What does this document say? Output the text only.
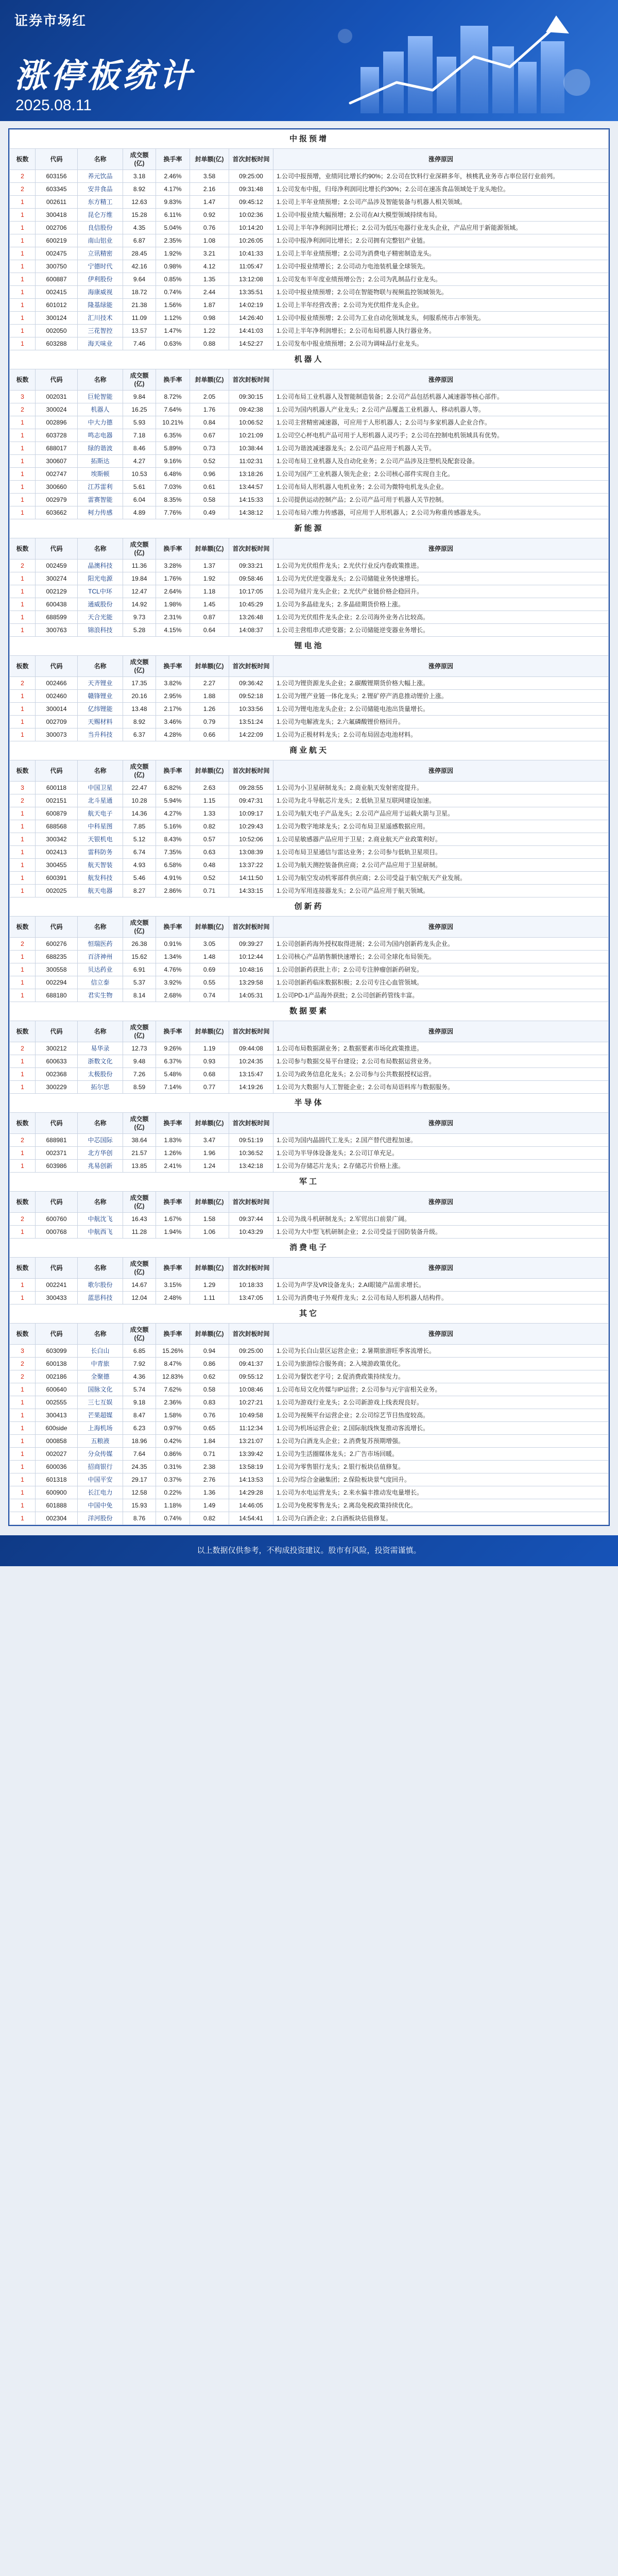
证券市场红
涨停板统计
2025.08.11
中报预增							
板数	代码	名称	成交额(亿)	换手率	封单额(亿)	首次封板时间	涨停原因
2	603156	养元饮品	3.18	2.46%	3.58	09:25:00	1.公司中报预增，业绩同比增长约90%；2.公司在饮料行业深耕多年，核桃乳业务市占率位居行业前列。
2	603345	安井食品	8.92	4.17%	2.16	09:31:48	1.公司发布中报，归母净利润同比增长约30%；2.公司在速冻食品领域处于龙头地位。
1	002611	东方精工	12.63	9.83%	1.47	09:45:12	1.公司上半年业绩预增；2.公司产品涉及智能装备与机器人相关领域。
1	300418	昆仑万维	15.28	6.11%	0.92	10:02:36	1.公司中报业绩大幅预增；2.公司在AI大模型领域持续布局。
1	002706	良信股份	4.35	5.04%	0.76	10:14:20	1.公司上半年净利润同比增长；2.公司为低压电器行业龙头企业，产品应用于新能源领域。
1	600219	南山铝业	6.87	2.35%	1.08	10:26:05	1.公司中报净利润同比增长；2.公司拥有完整铝产业链。
1	002475	立讯精密	28.45	1.92%	3.21	10:41:33	1.公司上半年业绩预增；2.公司为消费电子精密制造龙头。
1	300750	宁德时代	42.16	0.98%	4.12	11:05:47	1.公司中报业绩增长；2.公司动力电池装机量全球领先。
1	600887	伊利股份	9.64	0.85%	1.35	13:12:08	1.公司发布半年度业绩预增公告；2.公司为乳制品行业龙头。
1	002415	海康威视	18.72	0.74%	2.44	13:35:51	1.公司中报业绩预增；2.公司在智能物联与视频监控领域领先。
1	601012	隆基绿能	21.38	1.56%	1.87	14:02:19	1.公司上半年经营改善；2.公司为光伏组件龙头企业。
1	300124	汇川技术	11.09	1.12%	0.98	14:26:40	1.公司中报业绩预增；2.公司为工业自动化领域龙头，伺服系统市占率领先。
1	002050	三花智控	13.57	1.47%	1.22	14:41:03	1.公司上半年净利润增长；2.公司布局机器人执行器业务。
1	603288	海天味业	7.46	0.63%	0.88	14:52:27	1.公司发布中报业绩预增；2.公司为调味品行业龙头。
机器人							
板数	代码	名称	成交额(亿)	换手率	封单额(亿)	首次封板时间	涨停原因
3	002031	巨轮智能	9.84	8.72%	2.05	09:30:15	1.公司布局工业机器人及智能制造装备；2.公司产品包括机器人减速器等核心部件。
2	300024	机器人	16.25	7.64%	1.76	09:42:38	1.公司为国内机器人产业龙头；2.公司产品覆盖工业机器人、移动机器人等。
1	002896	中大力德	5.93	10.21%	0.84	10:06:52	1.公司主营精密减速器，可应用于人形机器人；2.公司与多家机器人企业合作。
1	603728	鸣志电器	7.18	6.35%	0.67	10:21:09	1.公司空心杯电机产品可用于人形机器人灵巧手；2.公司在控制电机领域具有优势。
1	688017	绿的谐波	8.46	5.89%	0.73	10:38:44	1.公司为谐波减速器龙头；2.公司产品应用于机器人关节。
1	300607	拓斯达	4.27	9.16%	0.52	11:02:31	1.公司布局工业机器人及自动化业务；2.公司产品涉及注塑机及配套设备。
1	002747	埃斯顿	10.53	6.48%	0.96	13:18:26	1.公司为国产工业机器人领先企业；2.公司核心部件实现自主化。
1	300660	江苏雷利	5.61	7.03%	0.61	13:44:57	1.公司布局人形机器人电机业务；2.公司为微特电机龙头企业。
1	002979	雷赛智能	6.04	8.35%	0.58	14:15:33	1.公司提供运动控制产品；2.公司产品可用于机器人关节控制。
1	603662	柯力传感	4.89	7.76%	0.49	14:38:12	1.公司布局六维力传感器，可应用于人形机器人；2.公司为称重传感器龙头。
新能源							
板数	代码	名称	成交额(亿)	换手率	封单额(亿)	首次封板时间	涨停原因
2	002459	晶澳科技	11.36	3.28%	1.37	09:33:21	1.公司为光伏组件龙头；2.光伏行业反内卷政策推进。
1	300274	阳光电源	19.84	1.76%	1.92	09:58:46	1.公司为光伏逆变器龙头；2.公司储能业务快速增长。
1	002129	TCL中环	12.47	2.64%	1.18	10:17:05	1.公司为硅片龙头企业；2.光伏产业链价格企稳回升。
1	600438	通威股份	14.92	1.98%	1.45	10:45:29	1.公司为多晶硅龙头；2.多晶硅期货价格上涨。
1	688599	天合光能	9.73	2.31%	0.87	13:26:48	1.公司为光伏组件龙头企业；2.公司海外业务占比较高。
1	300763	锦浪科技	5.28	4.15%	0.64	14:08:37	1.公司主营组串式逆变器；2.公司储能逆变器业务增长。
锂电池							
板数	代码	名称	成交额(亿)	换手率	封单额(亿)	首次封板时间	涨停原因
2	002466	天齐锂业	17.35	3.82%	2.27	09:36:42	1.公司为锂资源龙头企业；2.碳酸锂期货价格大幅上涨。
1	002460	赣锋锂业	20.16	2.95%	1.88	09:52:18	1.公司为锂产业链一体化龙头；2.锂矿停产消息推动锂价上涨。
1	300014	亿纬锂能	13.48	2.17%	1.26	10:33:56	1.公司为锂电池龙头企业；2.公司储能电池出货量增长。
1	002709	天赐材料	8.92	3.46%	0.79	13:51:24	1.公司为电解液龙头；2.六氟磷酸锂价格回升。
1	300073	当升科技	6.37	4.28%	0.66	14:22:09	1.公司为正极材料龙头；2.公司布局固态电池材料。
商业航天							
板数	代码	名称	成交额(亿)	换手率	封单额(亿)	首次封板时间	涨停原因
3	600118	中国卫星	22.47	6.82%	2.63	09:28:55	1.公司为小卫星研制龙头；2.商业航天发射密度提升。
2	002151	北斗星通	10.28	5.94%	1.15	09:47:31	1.公司为北斗导航芯片龙头；2.低轨卫星互联网建设加速。
1	600879	航天电子	14.36	4.27%	1.33	10:09:17	1.公司为航天电子产品龙头；2.公司产品应用于运载火箭与卫星。
1	688568	中科星图	7.85	5.16%	0.82	10:29:43	1.公司为数字地球龙头；2.公司布局卫星遥感数据应用。
1	300342	天银机电	5.12	8.43%	0.57	10:52:06	1.公司星敏感器产品应用于卫星；2.商业航天产业政策利好。
1	002413	雷科防务	6.74	7.35%	0.63	13:08:39	1.公司布局卫星通信与雷达业务；2.公司参与低轨卫星项目。
1	300455	航天智装	4.93	6.58%	0.48	13:37:22	1.公司为航天测控装备供应商；2.公司产品应用于卫星研制。
1	600391	航发科技	5.46	4.91%	0.52	14:11:50	1.公司为航空发动机零部件供应商；2.公司受益于航空航天产业发展。
1	002025	航天电器	8.27	2.86%	0.71	14:33:15	1.公司为军用连接器龙头；2.公司产品应用于航天领域。
创新药							
板数	代码	名称	成交额(亿)	换手率	封单额(亿)	首次封板时间	涨停原因
2	600276	恒瑞医药	26.38	0.91%	3.05	09:39:27	1.公司创新药海外授权取得进展；2.公司为国内创新药龙头企业。
1	688235	百济神州	15.62	1.34%	1.48	10:12:44	1.公司核心产品销售额快速增长；2.公司全球化布局领先。
1	300558	贝达药业	6.91	4.76%	0.69	10:48:16	1.公司创新药获批上市；2.公司专注肿瘤创新药研发。
1	002294	信立泰	5.37	3.92%	0.55	13:29:58	1.公司创新药临床数据积极；2.公司专注心血管领域。
1	688180	君实生物	8.14	2.68%	0.74	14:05:31	1.公司PD-1产品海外获批；2.公司创新药管线丰富。
数据要素							
板数	代码	名称	成交额(亿)	换手率	封单额(亿)	首次封板时间	涨停原因
2	300212	易华录	12.73	9.26%	1.19	09:44:08	1.公司布局数据湖业务；2.数据要素市场化政策推进。
1	600633	浙数文化	9.48	6.37%	0.93	10:24:35	1.公司参与数据交易平台建设；2.公司布局数据运营业务。
1	002368	太极股份	7.26	5.48%	0.68	13:15:47	1.公司为政务信息化龙头；2.公司参与公共数据授权运营。
1	300229	拓尔思	8.59	7.14%	0.77	14:19:26	1.公司为大数据与人工智能企业；2.公司布局语料库与数据服务。
半导体							
板数	代码	名称	成交额(亿)	换手率	封单额(亿)	首次封板时间	涨停原因
2	688981	中芯国际	38.64	1.83%	3.47	09:51:19	1.公司为国内晶圆代工龙头；2.国产替代进程加速。
1	002371	北方华创	21.57	1.26%	1.96	10:36:52	1.公司为半导体设备龙头；2.公司订单充足。
1	603986	兆易创新	13.85	2.41%	1.24	13:42:18	1.公司为存储芯片龙头；2.存储芯片价格上涨。
军工							
板数	代码	名称	成交额(亿)	换手率	封单额(亿)	首次封板时间	涨停原因
2	600760	中航沈飞	16.43	1.67%	1.58	09:37:44	1.公司为战斗机研制龙头；2.军贸出口前景广阔。
1	000768	中航西飞	11.28	1.94%	1.06	10:43:29	1.公司为大中型飞机研制企业；2.公司受益于国防装备升级。
消费电子							
板数	代码	名称	成交额(亿)	换手率	封单额(亿)	首次封板时间	涨停原因
1	002241	歌尔股份	14.67	3.15%	1.29	10:18:33	1.公司为声学及VR设备龙头；2.AI眼镜产品需求增长。
1	300433	蓝思科技	12.04	2.48%	1.11	13:47:05	1.公司为消费电子外观件龙头；2.公司布局人形机器人结构件。
其它							
板数	代码	名称	成交额(亿)	换手率	封单额(亿)	首次封板时间	涨停原因
3	603099	长白山	6.85	15.26%	0.94	09:25:00	1.公司为长白山景区运营企业；2.暑期旅游旺季客流增长。
2	600138	中青旅	7.92	8.47%	0.86	09:41:37	1.公司为旅游综合服务商；2.入境游政策优化。
2	002186	全聚德	4.36	12.83%	0.62	09:55:12	1.公司为餐饮老字号；2.促消费政策持续发力。
1	600640	国脉文化	5.74	7.62%	0.58	10:08:46	1.公司布局文化传媒与IP运营；2.公司参与元宇宙相关业务。
1	002555	三七互娱	9.18	2.36%	0.83	10:27:21	1.公司为游戏行业龙头；2.公司新游戏上线表现良好。
1	300413	芒果超媒	8.47	1.58%	0.76	10:49:58	1.公司为视频平台运营企业；2.公司综艺节目热度较高。
1	600side	上海机场	6.23	0.97%	0.65	11:12:34	1.公司为机场运营企业；2.国际航线恢复推动客流增长。
1	000858	五粮液	18.96	0.42%	1.84	13:21:07	1.公司为白酒龙头企业；2.消费复苏预期增强。
1	002027	分众传媒	7.64	0.86%	0.71	13:39:42	1.公司为生活圈媒体龙头；2.广告市场回暖。
1	600036	招商银行	24.35	0.31%	2.38	13:58:19	1.公司为零售银行龙头；2.银行板块估值修复。
1	601318	中国平安	29.17	0.37%	2.76	14:13:53	1.公司为综合金融集团；2.保险板块景气度回升。
1	600900	长江电力	12.58	0.22%	1.36	14:29:28	1.公司为水电运营龙头；2.来水偏丰推动发电量增长。
1	601888	中国中免	15.93	1.18%	1.49	14:46:05	1.公司为免税零售龙头；2.离岛免税政策持续优化。
1	002304	洋河股份	8.76	0.74%	0.82	14:54:41	1.公司为白酒企业；2.白酒板块估值修复。
以上数据仅供参考，不构成投资建议。股市有风险，投资需谨慎。
